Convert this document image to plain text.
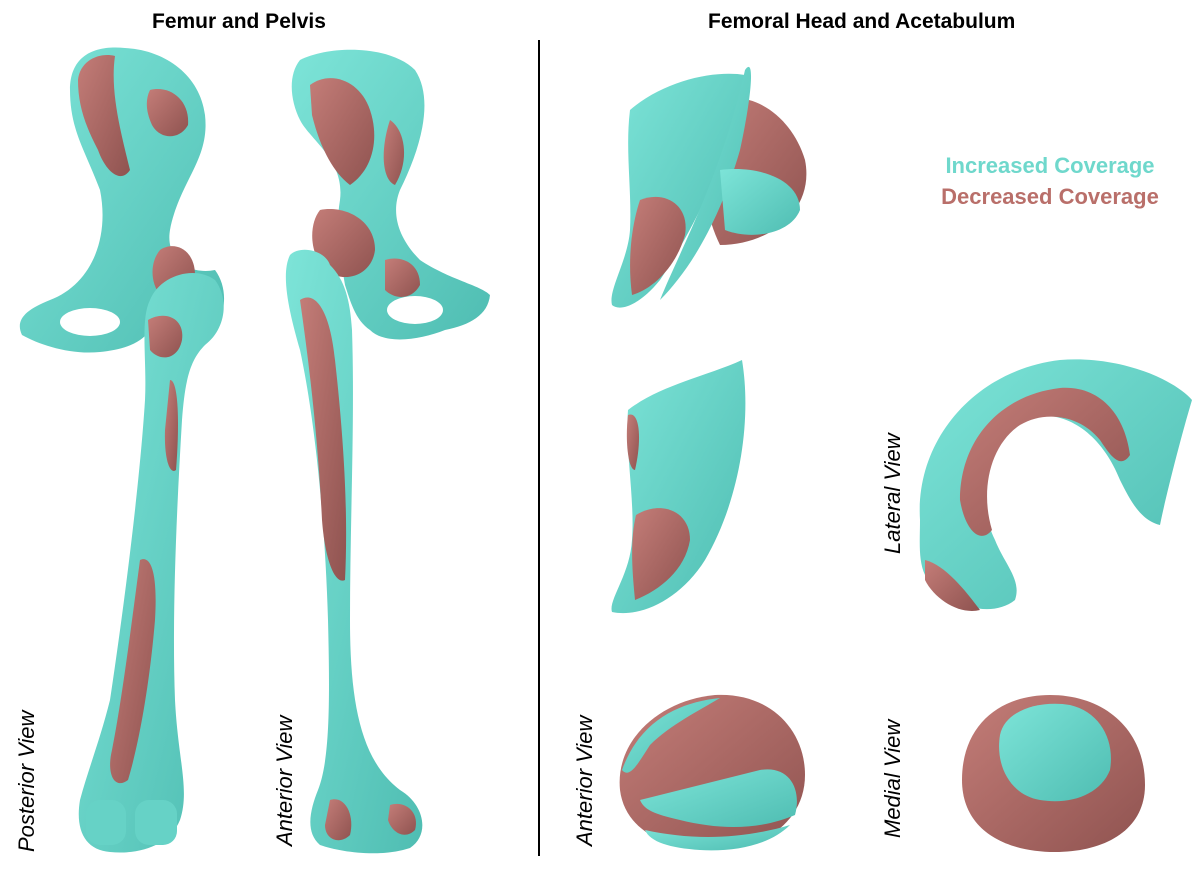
Femur and Pelvis	Femoral Head and Acetabulum
Increased Coverage
Decreased Coverage
Posterior View	Anterior View
Lateral View
Anterior View	Medial View
